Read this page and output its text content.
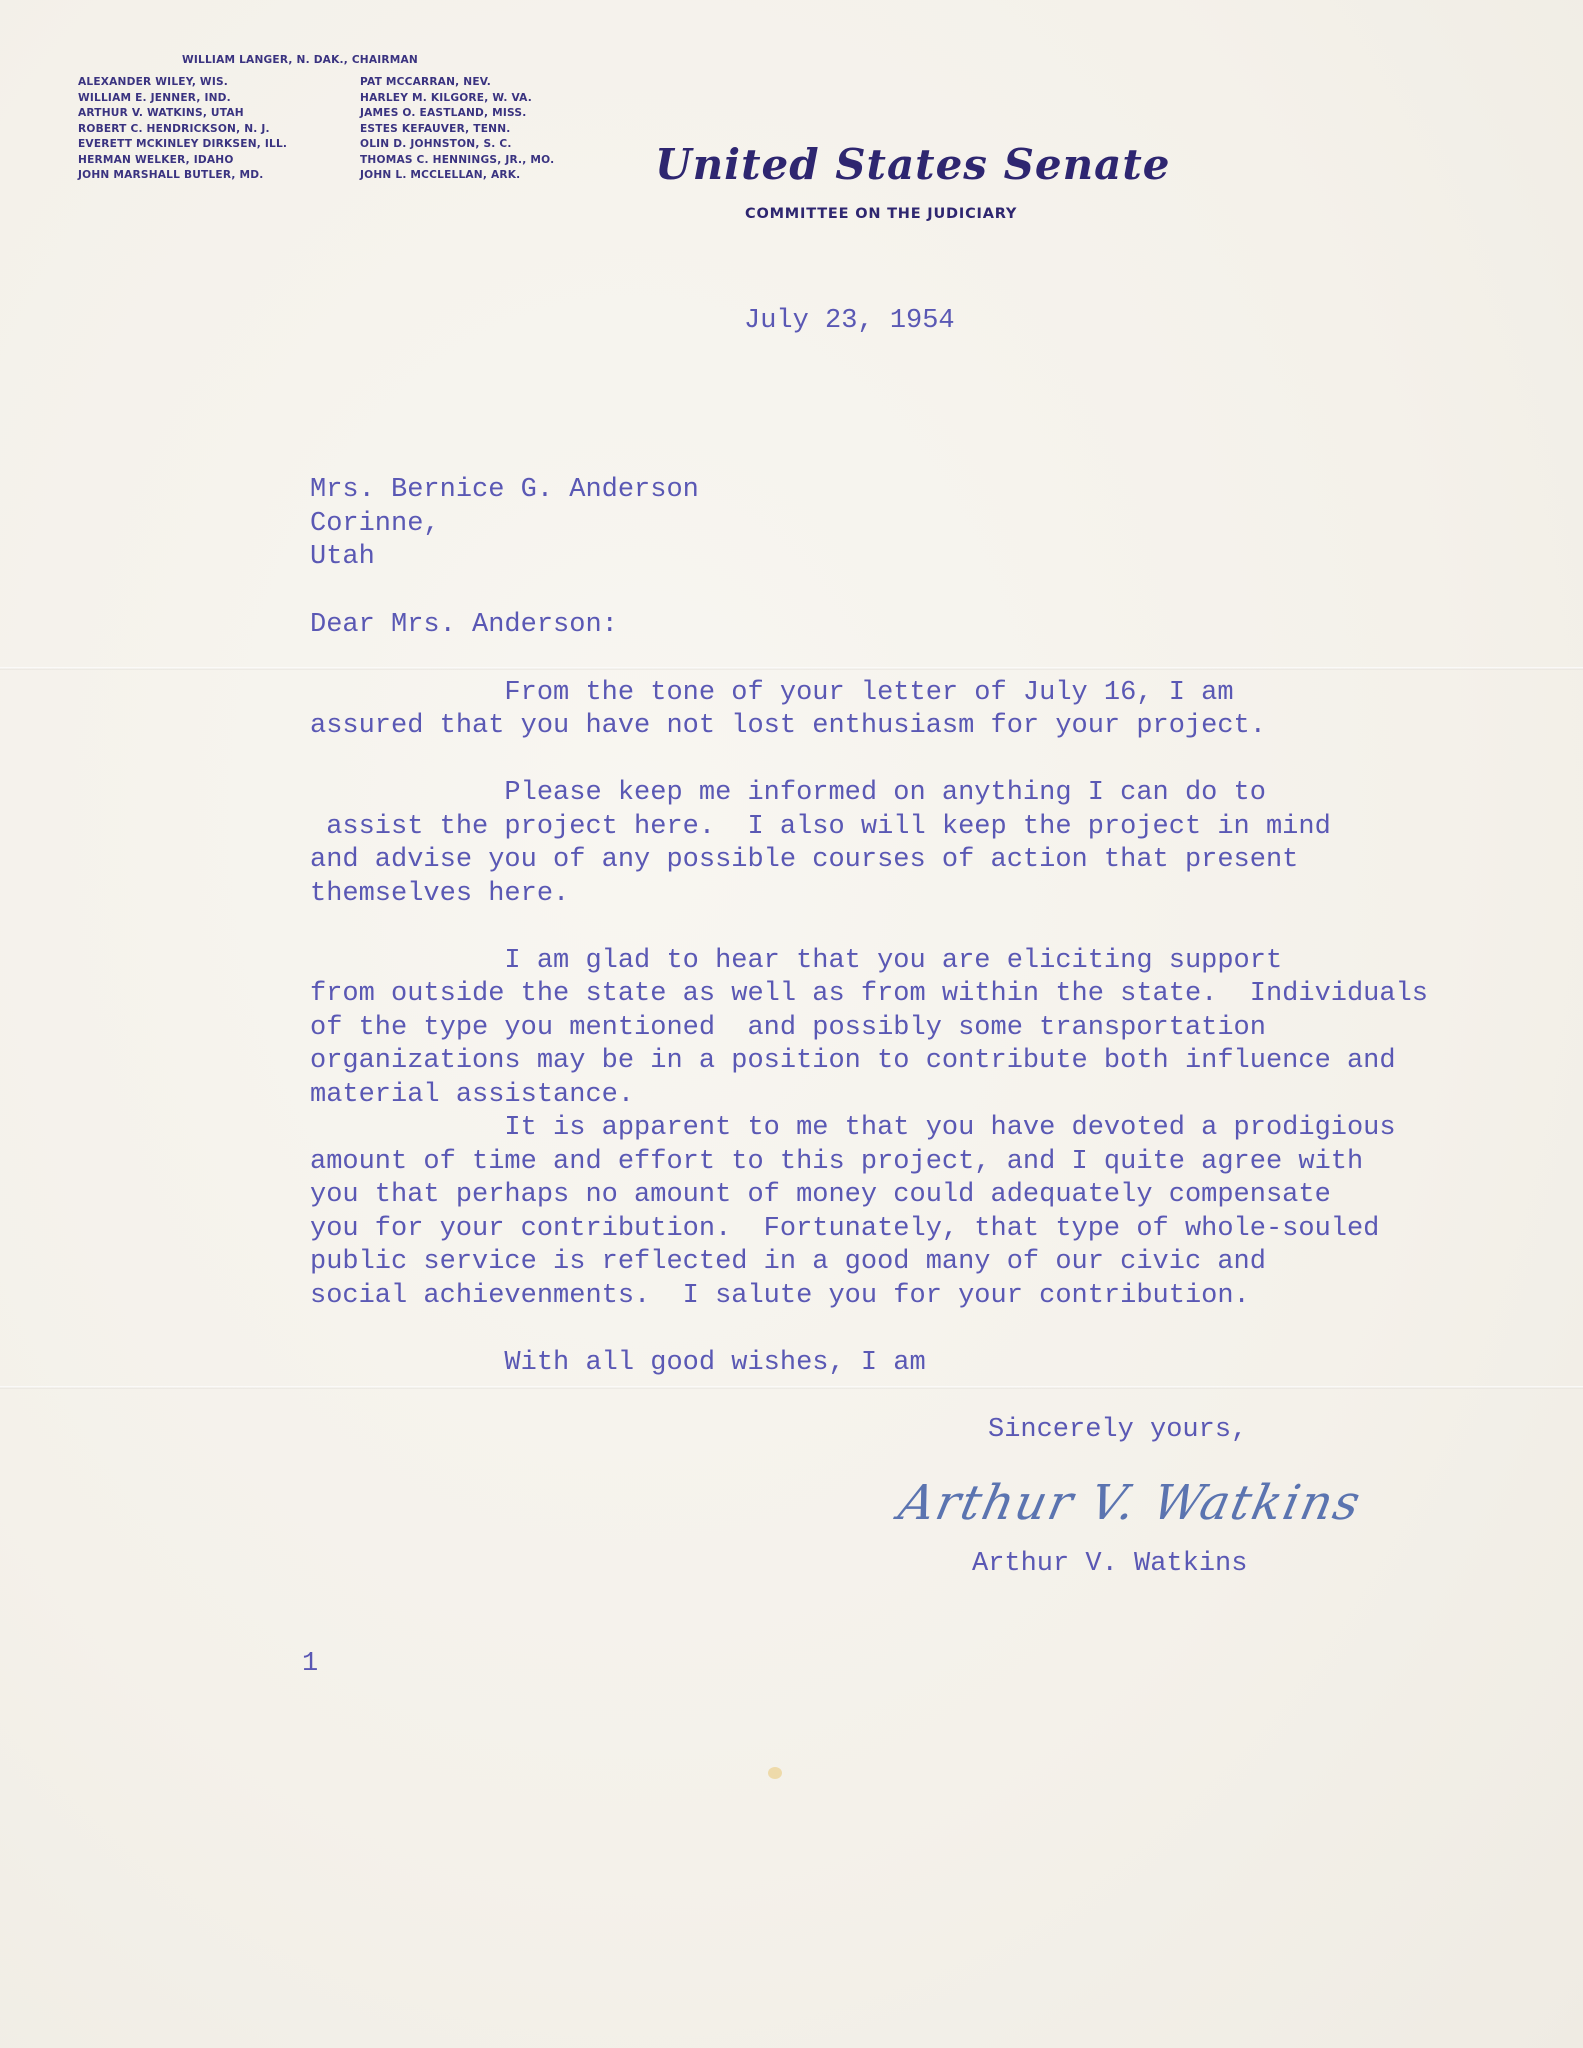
WILLIAM LANGER, N. DAK., CHAIRMAN
ALEXANDER WILEY, WIS.
WILLIAM E. JENNER, IND.
ARTHUR V. WATKINS, UTAH
ROBERT C. HENDRICKSON, N. J.
EVERETT MCKINLEY DIRKSEN, ILL.
HERMAN WELKER, IDAHO
JOHN MARSHALL BUTLER, MD.
PAT MCCARRAN, NEV.
HARLEY M. KILGORE, W. VA.
JAMES O. EASTLAND, MISS.
ESTES KEFAUVER, TENN.
OLIN D. JOHNSTON, S. C.
THOMAS C. HENNINGS, JR., MO.
JOHN L. MCCLELLAN, ARK.	United States Senate
COMMITTEE ON THE JUDICIARY
July 23, 1954
Mrs. Bernice G. Anderson
Corinne,
Utah
Dear Mrs. Anderson:
From the tone of your letter of July 16, I am
assured that you have not lost enthusiasm for your project.
Please keep me informed on anything I can do to
assist the project here.  I also will keep the project in mind
and advise you of any possible courses of action that present
themselves here.
I am glad to hear that you are eliciting support
from outside the state as well as from within the state.  Individuals
of the type you mentioned  and possibly some transportation
organizations may be in a position to contribute both influence and
material assistance.
It is apparent to me that you have devoted a prodigious
amount of time and effort to this project, and I quite agree with
you that perhaps no amount of money could adequately compensate
you for your contribution.  Fortunately, that type of whole-souled
public service is reflected in a good many of our civic and
social achievenments.  I salute you for your contribution.
With all good wishes, I am
Sincerely yours,
Arthur V. Watkins
Arthur V. Watkins
1
